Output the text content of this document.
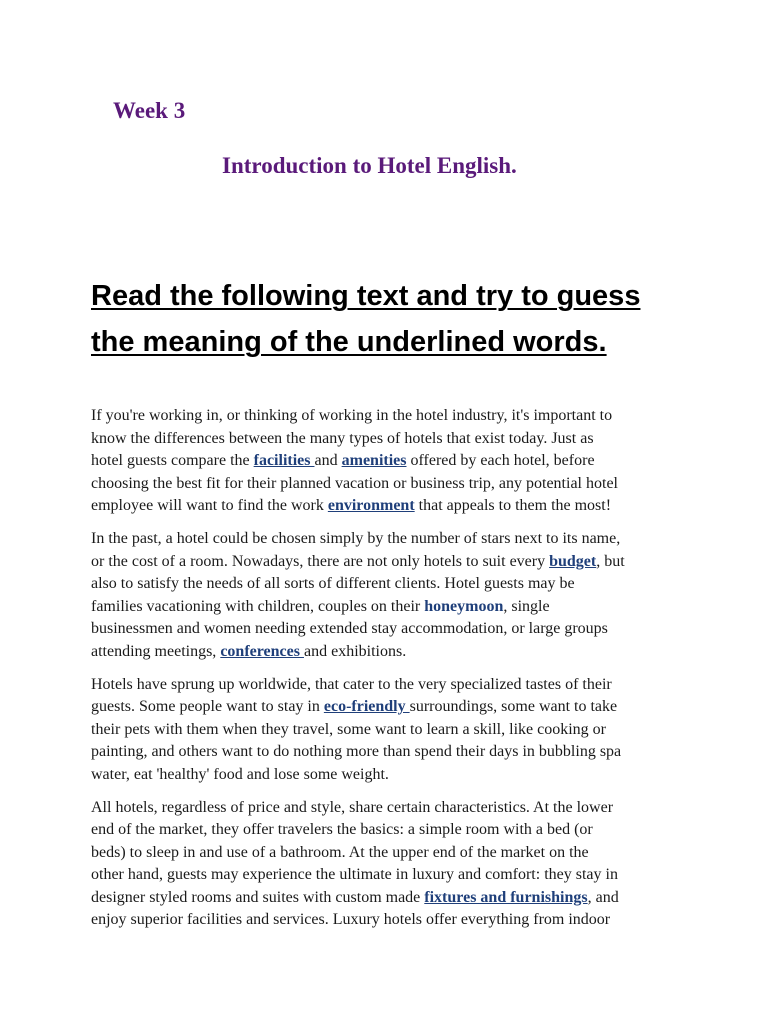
Week 3
Introduction to Hotel English.
Read the following text and try to guess
the meaning of the underlined words.

If you're working in, or thinking of working in the hotel industry, it's important to
know the differences between the many types of hotels that exist today. Just as
hotel guests compare the facilities and amenities offered by each hotel, before
choosing the best fit for their planned vacation or business trip, any potential hotel
employee will want to find the work environment that appeals to them the most!

In the past, a hotel could be chosen simply by the number of stars next to its name,
or the cost of a room. Nowadays, there are not only hotels to suit every budget, but
also to satisfy the needs of all sorts of different clients. Hotel guests may be
families vacationing with children, couples on their honeymoon, single
businessmen and women needing extended stay accommodation, or large groups
attending meetings, conferences and exhibitions.

Hotels have sprung up worldwide, that cater to the very specialized tastes of their
guests. Some people want to stay in eco-friendly surroundings, some want to take
their pets with them when they travel, some want to learn a skill, like cooking or
painting, and others want to do nothing more than spend their days in bubbling spa
water, eat 'healthy' food and lose some weight.

All hotels, regardless of price and style, share certain characteristics. At the lower
end of the market, they offer travelers the basics: a simple room with a bed (or
beds) to sleep in and use of a bathroom. At the upper end of the market on the
other hand, guests may experience the ultimate in luxury and comfort: they stay in
designer styled rooms and suites with custom made fixtures and furnishings, and
enjoy superior facilities and services. Luxury hotels offer everything from indoor
